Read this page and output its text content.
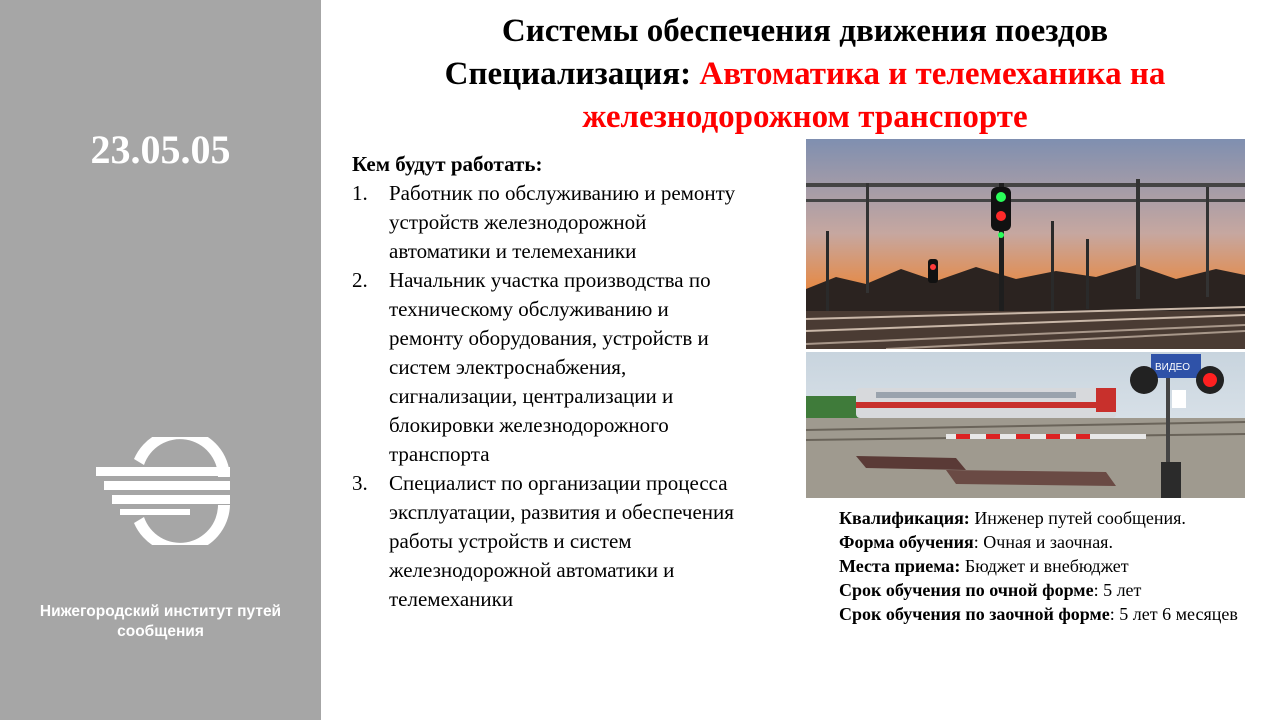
23.05.05
Нижегородский институт путей сообщения
Системы обеспечения движения поездов
Специализация: Автоматика и телемеханика на железнодорожном транспорте
Кем будут работать:
1. Работник по обслуживанию и ремонту устройств железнодорожной автоматики и телемеханики
2. Начальник участка производства по техническому обслуживанию и ремонту оборудования, устройств и систем электроснабжения, сигнализации, централизации и блокировки железнодорожного транспорта
3. Специалист по организации процесса эксплуатации, развития и обеспечения работы устройств и систем железнодорожной автоматики и телемеханики
ВИДЕО
Квалификация: Инженер путей сообщения.
Форма обучения: Очная и заочная.
Места приема: Бюджет и внебюджет
Срок обучения по очной форме: 5 лет
Срок обучения по заочной форме: 5 лет 6 месяцев
